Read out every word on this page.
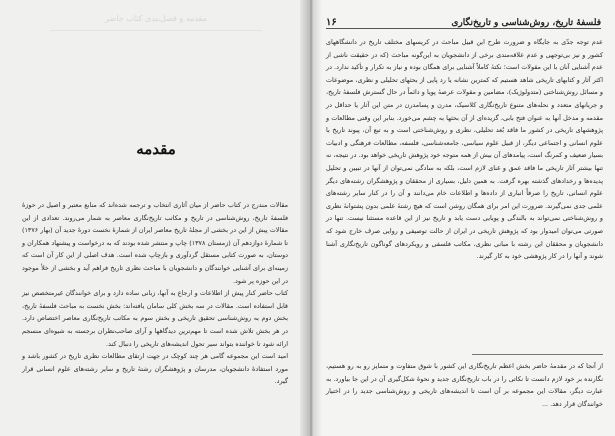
مقدمه و فصل‌بندی کتاب حاضر
مقدمه

مقالات مندرج در کتاب حاضر از میان آثاری انتخاب و ترجمه شده‌اند که منابع معتبر و اصیل در حوزهٔ فلسفهٔ تاریخ، روش‌شناسی در تاریخ و مکاتب تاریخ‌نگاری معاصر به شمار می‌روند. تعدادی از این مقالات پیش از این در بخشی از مجلهٔ تاریخ معاصر ایران از شمارهٔ نخست دورهٔ جدید آن (بهار ۱۳۷۶) تا شمارهٔ دوازدهم آن (زمستان ۱۳۷۸) چاپ و منتشر شده بودند که به درخواست و پیشنهاد همکاران و دوستان، به صورت کتابی مستقل گردآوری و بازچاپ شده است. هدف اصلی از این کار آن است که زمینه‌ای برای آشنایی خوانندگان و دانشجویان با مباحث نظری تاریخ فراهم آید و بخشی از خلأ موجود در این حوزه پر شود.

کتاب حاضر کنار پیش از اطلاعات و ارجاع به آنها، زبانی ساده دارد و برای خوانندگان غیرمتخصص نیز قابل استفاده است. مقالات در سه بخش کلی سامان یافته‌اند: بخش نخست به مباحث فلسفهٔ تاریخ، بخش دوم به روش‌شناسی تحقیق تاریخی و بخش سوم به مکاتب تاریخ‌نگاری معاصر اختصاص دارد. در هر بخش تلاش شده است تا مهم‌ترین دیدگاهها و آرای صاحب‌نظران برجسته به شیوه‌ای منسجم ارائه شود تا خواننده بتواند سیر تحول اندیشه‌های تاریخی را دنبال کند.

امید است این مجموعه گامی هر چند کوچک در جهت ارتقای مطالعات نظری تاریخ در کشور باشد و مورد استفادهٔ دانشجویان، مدرسان و پژوهشگران رشتهٔ تاریخ و سایر رشته‌های علوم انسانی قرار گیرد.

فلسفهٔ تاریخ، روش‌شناسی و تاریخ‌نگاری
۱۶

عدم توجه جدّی به جایگاه و ضرورت طرح این قبیل مباحث در کریسهای مختلف تاریخ در دانشگاههای کشور و نیز بی‌توجهی و عدم علاقه‌مندی برخی از دانشجویان به این‌گونه مباحث (که در حقیقت ناشی از عدم آشنایی آنان با این مقولات است؛ نکتهٔ کاملاً آشنایی برای همگان بوده و نیاز به تکرار و تأکید ندارد. در اکثر آثار و کتابهای تاریخی شاهد هستیم که کمترین نشانه یا رد پایی از بحثهای تحلیلی و نظری، موضوعات و مسائل روش‌شناختی (متدولوژیک)، مضامین و مقولات عرصهٔ پویا و دائماً در حال گسترش فلسفهٔ تاریخ، و جریانهای متعدد و نحله‌های متنوع تاریخ‌نگاری کلاسیک، مدرن و پسامدرن در متن این آثار یا حداقل در مقدمه و مدخل آنها به عنوان فتح بابی، گزیده‌ای از آن بحثها به چشم می‌خورد. بنابر این وقتی مطالعات و پژوهشهای تاریخی در کشور ما فاقد بُعد تحلیلی، نظری و روش‌شناختی است و به تبع آن، پیوند تاریخ با علوم انسانی و اجتماعی دیگر، از قبیل علوم سیاسی، جامعه‌شناسی، فلسفه، مطالعات فرهنگی و ادبیات بسیار ضعیف و کمرنگ است، پیامدهای آن بیش از همه متوجه خود پژوهش تاریخی خواهد بود. در نتیجه، نه تنها بیشتر آثار تاریخی ما فاقد عمق و غنای لازم است، بلکه به سادگی نمی‌توان از آنها در تبیین و تحلیل پدیده‌ها و رخدادهای گذشته بهره گرفت. به همین دلیل، بسیاری از محققان و پژوهشگران رشته‌های دیگر علوم انسانی، تاریخ را صرفاً انباری از داده‌ها و اطلاعات خام می‌دانند و آن را در کنار سایر رشته‌های علمی جدی نمی‌گیرند. ضرورت این امر برای همگان روشن است که هیچ رشتهٔ علمی بدون پشتوانهٔ نظری و روش‌شناختی نمی‌تواند به بالندگی و پویایی دست یابد و تاریخ نیز از این قاعده مستثنا نیست. تنها در صورتی می‌توان امیدوار بود که پژوهش تاریخی در ایران از حالت توصیفی و روایی صرف خارج شود که دانشجویان و محققان این رشته با مبانی نظری، مکاتب فلسفی و رویکردهای گوناگون تاریخ‌نگاری آشنا شوند و آنها را در کار پژوهشی خود به کار گیرند.

از آنجا که در مقدمهٔ حاضر بخش اعظم تاریخ‌نگاری این کشور با شوق متفاوت و متمایز رو به رو هستیم، نگارنده بر خود لازم دانست تا نکاتی را در باب تاریخ‌نگاری جدید و نحوهٔ شکل‌گیری آن در این جا بیاورد. به عبارت دیگر، مقالات این مجموعه بر آن است تا اندیشه‌های تاریخی و روش‌شناسی جدید را در اختیار خوانندگان قرار دهد. ...
